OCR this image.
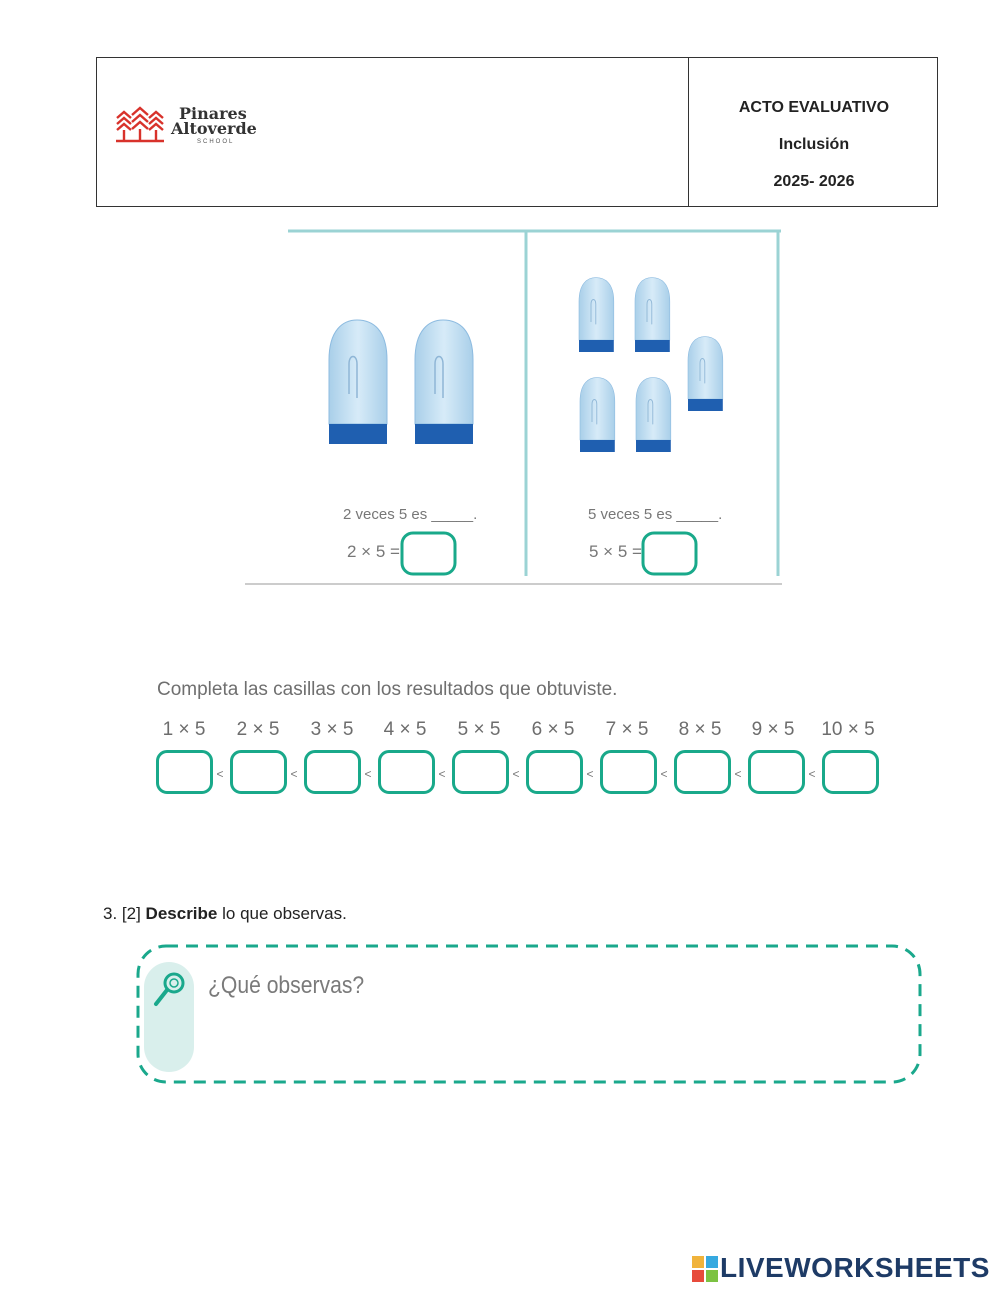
Pinares
Altoverde
SCHOOL
ACTO EVALUATIVO
Inclusión
2025- 2026
2 veces 5 es _____.
2 × 5 =
5 veces 5 es _____.
5 × 5 =
Completa las casillas con los resultados que obtuviste.
1 × 5	2 × 5	3 × 5	4 × 5	5 × 5	6 × 5	7 × 5	8 × 5	9 × 5	10 × 5
<	<	<	<	<	<	<	<	<
3. [2] Describe lo que observas.
¿Qué observas?
LIVEWORKSHEETS
